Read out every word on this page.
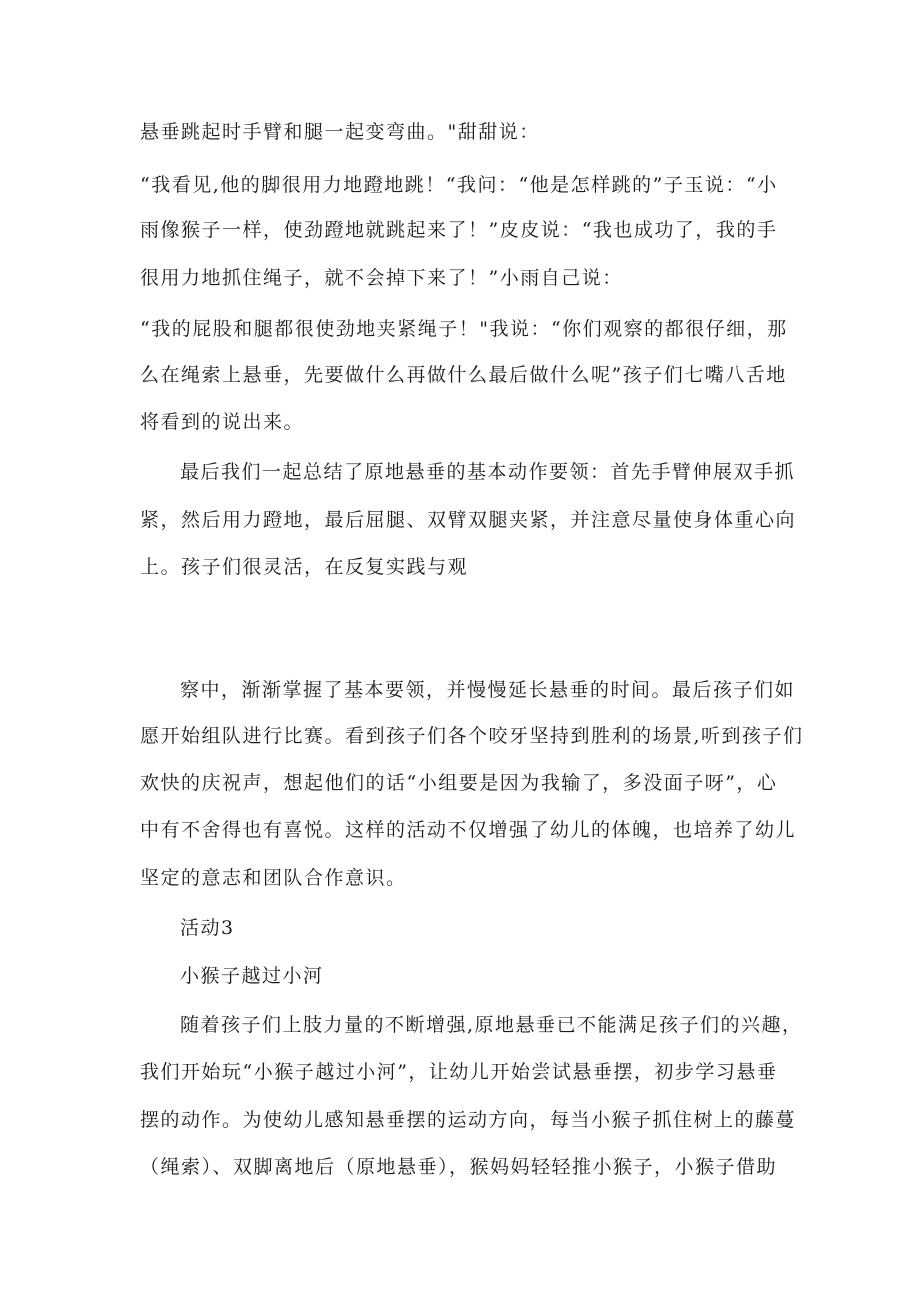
悬垂跳起时手臂和腿一起变弯曲。"甜甜说：
“我看见,他的脚很用力地蹬地跳！“我问：“他是怎样跳的”子玉说：“小
雨像猴子一样，使劲蹬地就跳起来了！”皮皮说：“我也成功了，我的手
很用力地抓住绳子，就不会掉下来了！”小雨自己说：
“我的屁股和腿都很使劲地夹紧绳子！"我说：“你们观察的都很仔细，那
么在绳索上悬垂，先要做什么再做什么最后做什么呢”孩子们七嘴八舌地
将看到的说出来。
最后我们一起总结了原地悬垂的基本动作要领：首先手臂伸展双手抓
紧，然后用力蹬地，最后屈腿、双臂双腿夹紧，并注意尽量使身体重心向
上。孩子们很灵活，在反复实践与观
察中，渐渐掌握了基本要领，并慢慢延长悬垂的时间。最后孩子们如
愿开始组队进行比赛。看到孩子们各个咬牙坚持到胜利的场景,听到孩子们
欢快的庆祝声，想起他们的话“小组要是因为我输了，多没面子呀”，心
中有不舍得也有喜悦。这样的活动不仅增强了幼儿的体魄，也培养了幼儿
坚定的意志和团队合作意识。
活动3
小猴子越过小河
随着孩子们上肢力量的不断增强,原地悬垂已不能满足孩子们的兴趣，
我们开始玩“小猴子越过小河”，让幼儿开始尝试悬垂摆，初步学习悬垂
摆的动作。为使幼儿感知悬垂摆的运动方向，每当小猴子抓住树上的藤蔓
（绳索）、双脚离地后（原地悬垂），猴妈妈轻轻推小猴子，小猴子借助
